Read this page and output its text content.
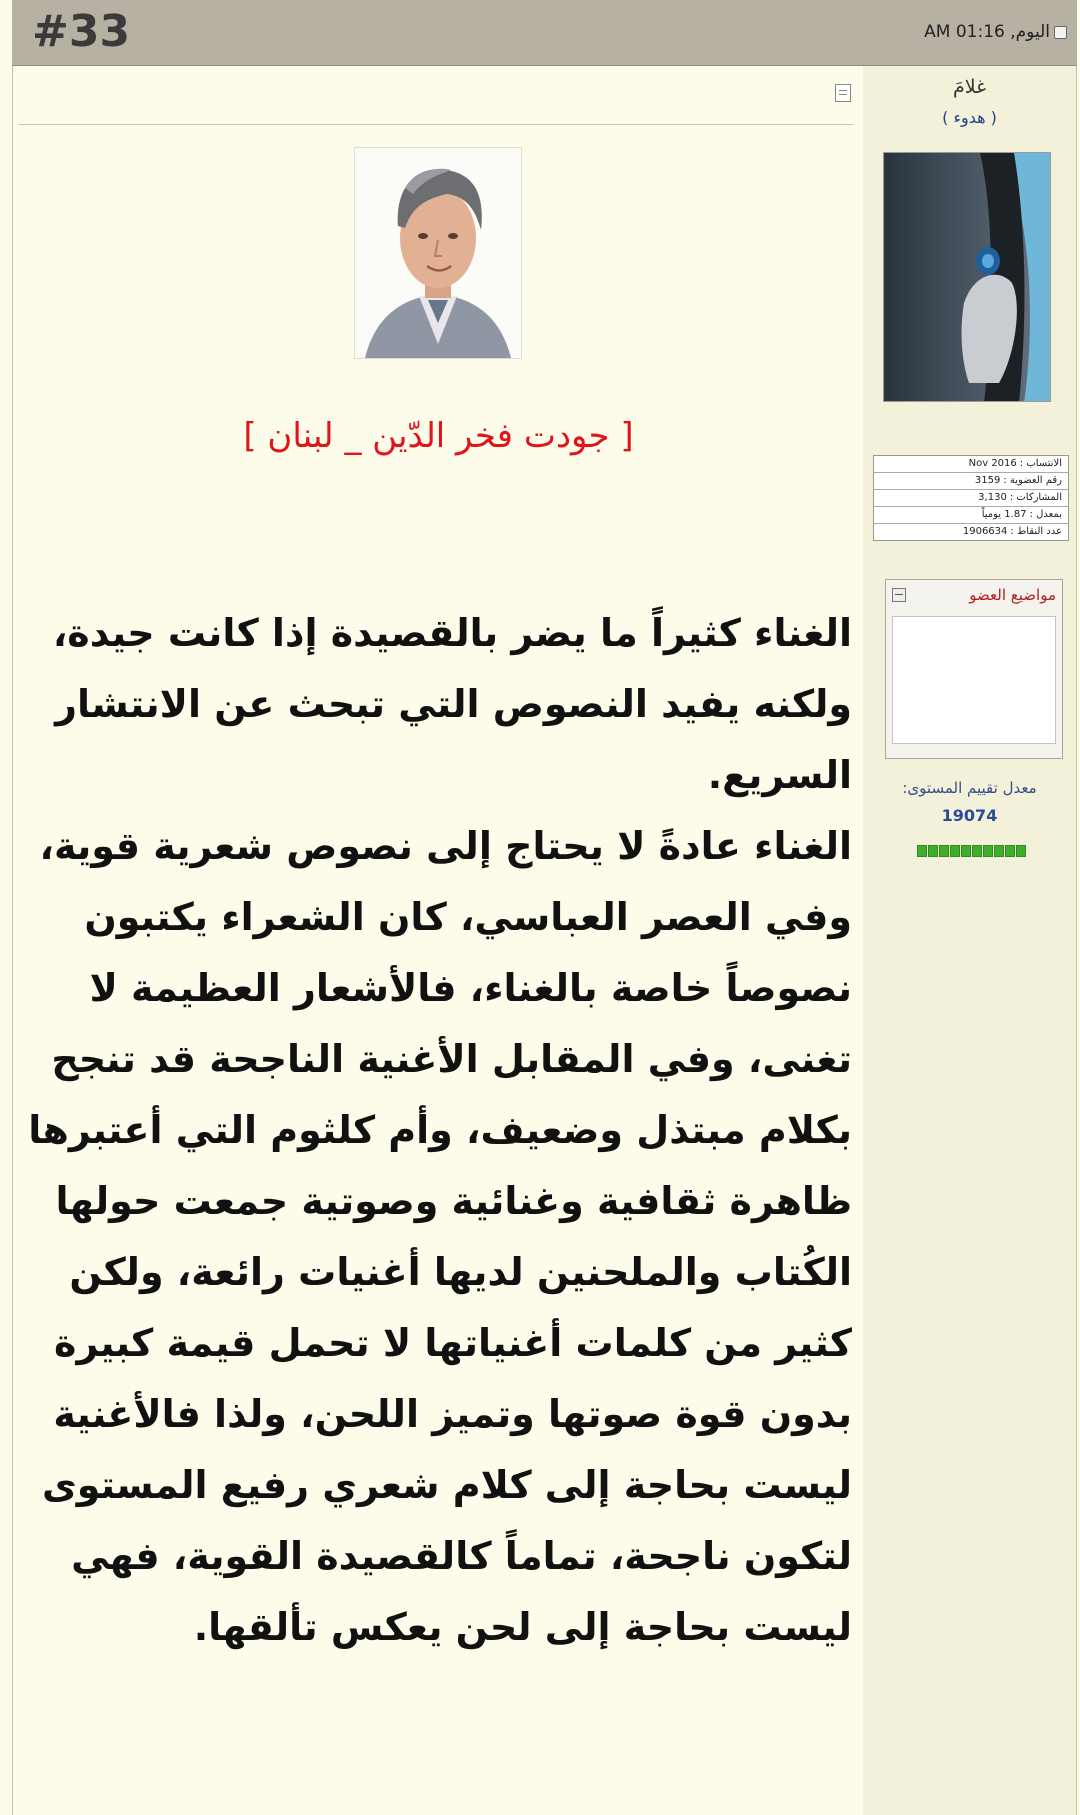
#33	اليوم, 01:16 AM
[ جودت فخر الدّين _ لبنان ]

الغناء كثيراً ما يضر بالقصيدة إذا كانت جيدة، ولكنه يفيد النصوص التي تبحث عن الانتشار السريع.

الغناء عادةً لا يحتاج إلى نصوص شعرية قوية، وفي العصر العباسي، كان الشعراء يكتبون نصوصاً خاصة بالغناء، فالأشعار العظيمة لا تغنى، وفي المقابل الأغنية الناجحة قد تنجح بكلام مبتذل وضعيف، وأم كلثوم التي أعتبرها ظاهرة ثقافية وغنائية وصوتية جمعت حولها الكُتاب والملحنين لديها أغنيات رائعة، ولكن كثير من كلمات أغنياتها لا تحمل قيمة كبيرة بدون قوة صوتها وتميز اللحن، ولذا فالأغنية ليست بحاجة إلى كلام شعري رفيع المستوى لتكون ناجحة، تماماً كالقصيدة القوية، فهي ليست بحاجة إلى لحن يعكس تألقها.

غلامَ
( هدوء )
الانتساب :
Nov 2016
رقم العضوية :
3159
المشاركات :
3,130
بمعدل :
1.87 يومياً
عدد النقاط :
1906634
مواضيع العضو
معدل تقييم المستوى:
19074
